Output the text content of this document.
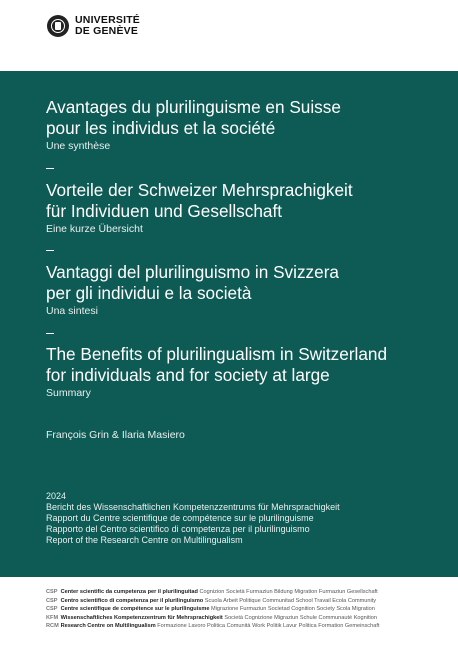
UNIVERSITÉ
DE GENÈVE
Avantages du plurilinguisme en Suisse
pour les individus et la société
Une synthèse
Vorteile der Schweizer Mehrsprachigkeit
für Individuen und Gesellschaft
Eine kurze Übersicht
Vantaggi del plurilinguismo in Svizzera
per gli individui e la società
Una sintesi
The Benefits of plurilingualism in Switzerland
for individuals and for society at large
Summary
François Grin & Ilaria Masiero
2024
Bericht des Wissenschaftlichen Kompetenzzentrums für Mehrsprachigkeit
Rapport du Centre scientifique de compétence sur le plurilinguisme
Rapporto del Centro scientifico di competenza per il plurilinguismo
Report of the Research Centre on Multilingualism
CSP Center scientific da cumpetenza per il plurilinguitad Cognizion Società Furmaziun Bildung Migration Furmaziun Gesellschaft
CSP Centro scientifico di competenza per il plurilinguismo Scuola Arbeit Politique Communitad School Travail Ecola Community
CSP Centre scientifique de compétence sur le plurilinguisme Migrazione Furmaziun Societad Cognition Society Scola Migration
KFM Wissenschaftliches Kompetenzzentrum für Mehrsprachigkeit Società Cognizione Migraziun Schule Communauté Kognition
RCM Research Centre on Multilingualism Formazione Lavoro Politica Comunità Work Politik Lavur Politica Formation Gemeinschaft
